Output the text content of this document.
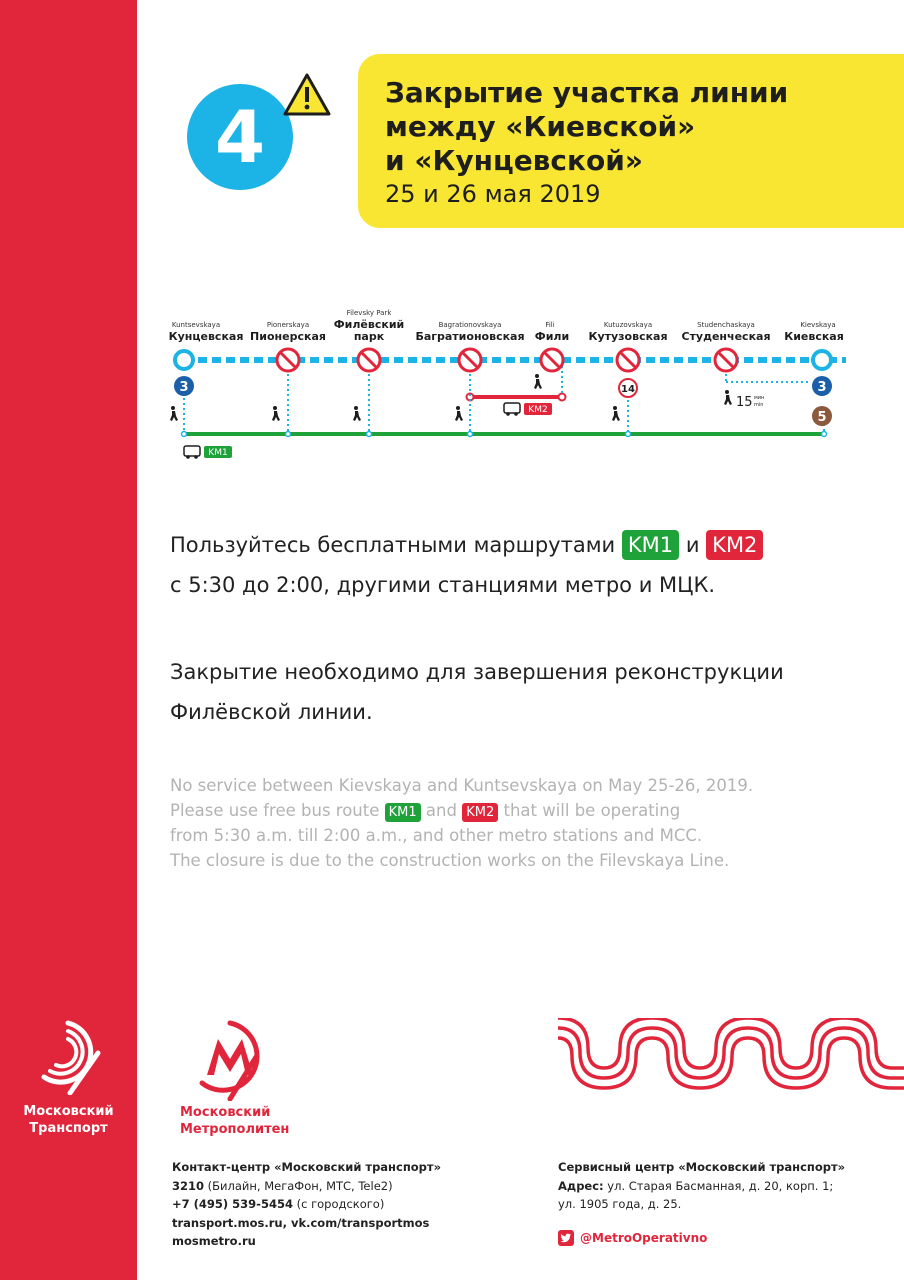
4
Закрытие участка линии
между «Киевской»
и «Кунцевской»
25 и 26 мая 2019
Kuntsevskaya
Кунцевская
Pionerskaya
Пионерская
Filevsky Park
Филёвский
парк
Bagrationovskaya
Багратионовская
Fili
Фили
Kutuzovskaya
Кутузовская
Studenchaskaya
Студенческая
Kievskaya
Киевская
14
3	3
5
15 мин
min
KM1
KM2
Пользуйтесь бесплатными маршрутами KM1 и KM2
с 5:30 до 2:00, другими станциями метро и МЦК.
Закрытие необходимо для завершения реконструкции
Филёвской линии.
No service between Kievskaya and Kuntsevskaya on May 25-26, 2019.
Please use free bus route KM1 and KM2 that will be operating
from 5:30 a.m. till 2:00 a.m., and other metro stations and MCC.
The closure is due to the construction works on the Filevskaya Line.
Московский
Транспорт
Московский
Метрополитен
Контакт-центр «Московский транспорт»
3210 (Билайн, МегаФон, МТС, Tele2)
+7 (495) 539-5454 (с городского)
transport.mos.ru, vk.com/transportmos
mosmetro.ru
Сервисный центр «Московский транспорт»
Адрес: ул. Старая Басманная, д. 20, корп. 1;
ул. 1905 года, д. 25.
@MetroOperativno
